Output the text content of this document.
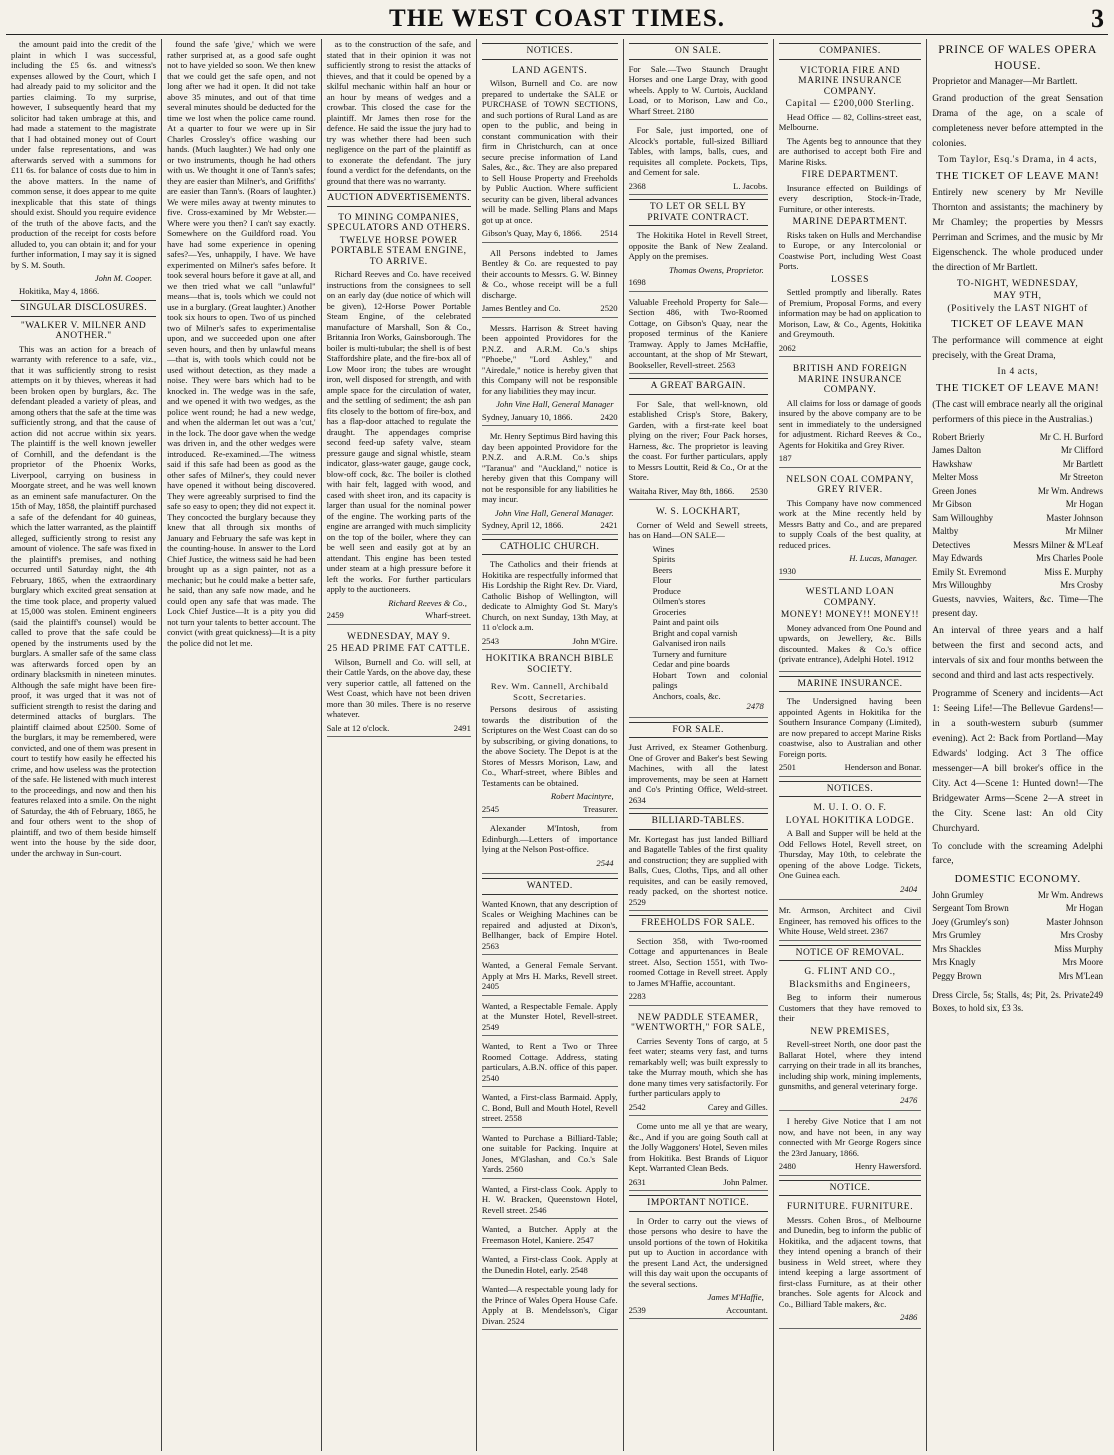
THE WEST COAST TIMES.	3

the amount paid into the credit of the plaint in which I was successful, including the £5 6s. and witness's expenses allowed by the Court, which I had already paid to my solicitor and the parties claiming. To my surprise, however, I subsequently heard that my solicitor had taken umbrage at this, and had made a statement to the magistrate that I had obtained money out of Court under false representations, and was afterwards served with a summons for £11 6s. for balance of costs due to him in the above matters. In the name of common sense, it does appear to me quite inexplicable that this state of things should exist. Should you require evidence of the truth of the above facts, and the production of the receipt for costs before alluded to, you can obtain it; and for your further information, I may say it is signed by S. M. South.

John M. Cooper.

Hokitika, May 4, 1866.

SINGULAR DISCLOSURES.
"WALKER V. MILNER AND ANOTHER."

This was an action for a breach of warranty with reference to a safe, viz., that it was sufficiently strong to resist attempts on it by thieves, whereas it had been broken open by burglars, &c. The defendant pleaded a variety of pleas, and among others that the safe at the time was sufficiently strong, and that the cause of action did not accrue within six years. The plaintiff is the well known jeweller of Cornhill, and the defendant is the proprietor of the Phoenix Works, Liverpool, carrying on business in Moorgate street, and he was well known as an eminent safe manufacturer. On the 15th of May, 1858, the plaintiff purchased a safe of the defendant for 40 guineas, which the latter warranted, as the plaintiff alleged, sufficiently strong to resist any amount of violence. The safe was fixed in the plaintiff's premises, and nothing occurred until Saturday night, the 4th February, 1865, when the extraordinary burglary which excited great sensation at the time took place, and property valued at 15,000 was stolen. Eminent engineers (said the plaintiff's counsel) would be called to prove that the safe could be opened by the instruments used by the burglars. A smaller safe of the same class was afterwards forced open by an ordinary blacksmith in nineteen minutes. Although the safe might have been fire-proof, it was urged that it was not of sufficient strength to resist the daring and determined attacks of burglars. The plaintiff claimed about £2500. Some of the burglars, it may be remembered, were convicted, and one of them was present in court to testify how easily he effected his crime, and how useless was the protection of the safe. He listened with much interest to the proceedings, and now and then his features relaxed into a smile. On the night of Saturday, the 4th of February, 1865, he and four others went to the shop of plaintiff, and two of them beside himself went into the house by the side door, under the archway in Sun-court.

found the safe 'give,' which we were rather surprised at, as a good safe ought not to have yielded so soon. We then knew that we could get the safe open, and not long after we had it open. It did not take above 35 minutes, and out of that time several minutes should be deducted for the time we lost when the police came round. At a quarter to four we were up in Sir Charles Crossley's office washing our hands. (Much laughter.) We had only one or two instruments, though he had others with us. We thought it one of Tann's safes; they are easier than Milner's, and Griffiths' are easier than Tann's. (Roars of laughter.) We were miles away at twenty minutes to five. Cross-examined by Mr Webster.—Where were you then? I can't say exactly. Somewhere on the Guildford road. You have had some experience in opening safes?—Yes, unhappily, I have. We have experimented on Milner's safes before. It took several hours before it gave at all, and we then tried what we call "unlawful" means—that is, tools which we could not use in a burglary. (Great laughter.) Another took six hours to open. Two of us pinched two of Milner's safes to experimentalise upon, and we succeeded upon one after seven hours, and then by unlawful means—that is, with tools which could not be used without detection, as they made a noise. They were bars which had to be knocked in. The wedge was in the safe, and we opened it with two wedges, as the police went round; he had a new wedge, and when the alderman let out was a 'cut,' in the lock. The door gave when the wedge was driven in, and the other wedges were introduced. Re-examined.—The witness said if this safe had been as good as the other safes of Milner's, they could never have opened it without being discovered. They were agreeably surprised to find the safe so easy to open; they did not expect it. They concocted the burglary because they knew that all through six months of January and February the safe was kept in the counting-house. In answer to the Lord Chief Justice, the witness said he had been brought up as a sign painter, not as a mechanic; but he could make a better safe, he said, than any safe now made, and he could open any safe that was made. The Lock Chief Justice—It is a pity you did not turn your talents to better account. The convict (with great quickness)—It is a pity the police did not let me.

as to the construction of the safe, and stated that in their opinion it was not sufficiently strong to resist the attacks of thieves, and that it could be opened by a skilful mechanic within half an hour or an hour by means of wedges and a crowbar. This closed the case for the plaintiff. Mr James then rose for the defence. He said the issue the jury had to try was whether there had been such negligence on the part of the plaintiff as to exonerate the defendant. The jury found a verdict for the defendants, on the ground that there was no warranty.

AUCTION ADVERTISEMENTS.
TO MINING COMPANIES, SPECULATORS AND OTHERS.
TWELVE HORSE POWER PORTABLE STEAM ENGINE, TO ARRIVE.

Richard Reeves and Co. have received instructions from the consignees to sell on an early day (due notice of which will be given), 12-Horse Power Portable Steam Engine, of the celebrated manufacture of Marshall, Son & Co., Britannia Iron Works, Gainsborough. The boiler is multi-tubular; the shell is of best Staffordshire plate, and the fire-box all of Low Moor iron; the tubes are wrought iron, well disposed for strength, and with ample space for the circulation of water, and the settling of sediment; the ash pan fits closely to the bottom of fire-box, and has a flap-door attached to regulate the draught. The appendages comprise second feed-up safety valve, steam pressure gauge and signal whistle, steam indicator, glass-water gauge, gauge cock, blow-off cock, &c. The boiler is clothed with hair felt, lagged with wood, and cased with sheet iron, and its capacity is larger than usual for the nominal power of the engine. The working parts of the engine are arranged with much simplicity on the top of the boiler, where they can be well seen and easily got at by an attendant. This engine has been tested under steam at a high pressure before it left the works. For further particulars apply to the auctioneers.

Richard Reeves & Co.,
2459	Wharf-street.
WEDNESDAY, MAY 9.
25 HEAD PRIME FAT CATTLE.

Wilson, Burnell and Co. will sell, at their Cattle Yards, on the above day, these very superior cattle, all fattened on the West Coast, which have not been driven more than 30 miles. There is no reserve whatever.

Sale at 12 o'clock.	2491
NOTICES.
LAND AGENTS.

Wilson, Burnell and Co. are now prepared to undertake the SALE or PURCHASE of TOWN SECTIONS, and such portions of Rural Land as are open to the public, and being in constant communication with their firm in Christchurch, can at once secure precise information of Land Sales, &c., &c. They are also prepared to Sell House Property and Freeholds by Public Auction. Where sufficient security can be given, liberal advances will be made. Selling Plans and Maps got up at once.

Gibson's Quay, May 6, 1866. 2514

All Persons indebted to James Bentley & Co. are requested to pay their accounts to Messrs. G. W. Binney & Co., whose receipt will be a full discharge.

James Bentley and Co.	2520

Messrs. Harrison & Street having been appointed Providores for the P.N.Z. and A.R.M. Co.'s ships "Phoebe," "Lord Ashley," and "Airedale," notice is hereby given that this Company will not be responsible for any liabilities they may incur.

John Vine Hall, General Manager
Sydney, January 10, 1866.	2420

Mr. Henry Septimus Bird having this day been appointed Providore for the P.N.Z. and A.R.M. Co.'s ships "Taranua" and "Auckland," notice is hereby given that this Company will not be responsible for any liabilities he may incur.

John Vine Hall, General Manager.
Sydney, April 12, 1866.	2421
CATHOLIC CHURCH.

The Catholics and their friends at Hokitika are respectfully informed that His Lordship the Right Rev. Dr. Viard, Catholic Bishop of Wellington, will dedicate to Almighty God St. Mary's Church, on next Sunday, 13th May, at 11 o'clock a.m.

2543	John M'Gire.
HOKITIKA BRANCH BIBLE SOCIETY.
Rev. Wm. Cannell, Archibald Scott, Secretaries.

Persons desirous of assisting towards the distribution of the Scriptures on the West Coast can do so by subscribing, or giving donations, to the above Society. The Depot is at the Stores of Messrs Morison, Law, and Co., Wharf-street, where Bibles and Testaments can be obtained.

Robert Macintyre,
2545	Treasurer.

Alexander M'Intosh, from Edinburgh.—Letters of importance lying at the Nelson Post-office.

2544
WANTED.
Wanted Known, that any description of Scales or Weighing Machines can be repaired and adjusted at Dixon's, Bellhanger, back of Empire Hotel. 2563
Wanted, a General Female Servant. Apply at Mrs H. Marks, Revell street. 2405
Wanted, a Respectable Female. Apply at the Munster Hotel, Revell-street. 2549
Wanted, to Rent a Two or Three Roomed Cottage. Address, stating particulars, A.B.N. office of this paper. 2540
Wanted, a First-class Barmaid. Apply, C. Bond, Bull and Mouth Hotel, Revell street. 2558
Wanted to Purchase a Billiard-Table; one suitable for Packing. Inquire at Jones, M'Glashan, and Co.'s Sale Yards. 2560
Wanted, a First-class Cook. Apply to H. W. Bracken, Queenstown Hotel, Revell street. 2546
Wanted, a Butcher. Apply at the Freemason Hotel, Kaniere. 2547
Wanted, a First-class Cook. Apply at the Dunedin Hotel, early. 2548
Wanted—A respectable young lady for the Prince of Wales Opera House Cafe. Apply at B. Mendelsson's, Cigar Divan. 2524
ON SALE.
For Sale.—Two Staunch Draught Horses and one Large Dray, with good wheels. Apply to W. Curtois, Auckland Load, or to Morison, Law and Co., Wharf Street. 2180

For Sale, just imported, one of Alcock's portable, full-sized Billiard Tables, with lamps, balls, cues, and requisites all complete. Pockets, Tips, and Cement for sale.

2368	L. Jacobs.
TO LET OR SELL BY PRIVATE CONTRACT.

The Hokitika Hotel in Revell Street, opposite the Bank of New Zealand. Apply on the premises.

Thomas Owens, Proprietor.
1698
Valuable Freehold Property for Sale—Section 486, with Two-Roomed Cottage, on Gibson's Quay, near the proposed terminus of the Kaniere Tramway. Apply to James McHaffie, accountant, at the shop of Mr Stewart, Bookseller, Revell-street. 2563
A GREAT BARGAIN.

For Sale, that well-known, old established Crisp's Store, Bakery, Garden, with a first-rate keel boat plying on the river; Four Pack horses, Harness, &c. The proprietor is leaving the coast. For further particulars, apply to Messrs Louttit, Reid & Co., Or at the Store.

Waitaha River, May 8th, 1866. 2530
W. S. LOCKHART,

Corner of Weld and Sewell streets, has on Hand—ON SALE—

Wines
Spirits
Beers
Flour
Produce
Oilmen's stores
Groceries
Paint and paint oils
Bright and copal varnish
Galvanised iron nails
Turnery and furniture
Cedar and pine boards
Hobart Town and colonial palings
Anchors, coals, &c.
2478
FOR SALE.
Just Arrived, ex Steamer Gothenburg. One of Grover and Baker's best Sewing Machines, with all the latest improvements, may be seen at Harnett and Co's Printing Office, Weld-street. 2634
BILLIARD-TABLES.
Mr. Kortegast has just landed Billiard and Bagatelle Tables of the first quality and construction; they are supplied with Balls, Cues, Cloths, Tips, and all other requisites, and can be easily removed, ready packed, on the shortest notice. 2529
FREEHOLDS FOR SALE.

Section 358, with Two-roomed Cottage and appurtenances in Beale street. Also, Section 1551, with Two-roomed Cottage in Revell street. Apply to James M'Haffie, accountant.

2283
NEW PADDLE STEAMER, "WENTWORTH," FOR SALE,

Carries Seventy Tons of cargo, at 5 feet water; steams very fast, and turns remarkably well; was built expressly to take the Murray mouth, which she has done many times very satisfactorily. For further particulars apply to

2542	Carey and Gilles.

Come unto me all ye that are weary, &c., And if you are going South call at the Jolly Waggoners' Hotel, Seven miles from Hokitika. Best Brands of Liquor Kept. Warranted Clean Beds.

2631	John Palmer.
IMPORTANT NOTICE.

In Order to carry out the views of those persons who desire to have the unsold portions of the town of Hokitika put up to Auction in accordance with the present Land Act, the undersigned will this day wait upon the occupants of the several sections.

James M'Haffie,
2539	Accountant.
COMPANIES.
VICTORIA FIRE AND MARINE INSURANCE COMPANY.
Capital — £200,000 Sterling.

Head Office — 82, Collins-street east, Melbourne.

The Agents beg to announce that they are authorised to accept both Fire and Marine Risks.

FIRE DEPARTMENT.

Insurance effected on Buildings of every description, Stock-in-Trade, Furniture, or other interests.

MARINE DEPARTMENT.

Risks taken on Hulls and Merchandise to Europe, or any Intercolonial or Coastwise Port, including West Coast Ports.

LOSSES

Settled promptly and liberally. Rates of Premium, Proposal Forms, and every information may be had on application to Morison, Law, & Co., Agents, Hokitika and Greymouth.

2062
BRITISH AND FOREIGN MARINE INSURANCE COMPANY.

All claims for loss or damage of goods insured by the above company are to be sent in immediately to the undersigned for adjustment. Richard Reeves & Co., Agents for Hokitika and Grey River.

187
NELSON COAL COMPANY, GREY RIVER.

This Company have now commenced work at the Mine recently held by Messrs Batty and Co., and are prepared to supply Coals of the best quality, at reduced prices.

H. Lucas, Manager.
1930
WESTLAND LOAN COMPANY.
MONEY! MONEY!! MONEY!!

Money advanced from One Pound and upwards, on Jewellery, &c. Bills discounted. Makes & Co.'s office (private entrance), Adelphi Hotel. 1912

MARINE INSURANCE.

The Undersigned having been appointed Agents in Hokitika for the Southern Insurance Company (Limited), are now prepared to accept Marine Risks coastwise, also to Australian and other Foreign ports.

2501	Henderson and Bonar.
NOTICES.
M. U. I. O. O. F.
LOYAL HOKITIKA LODGE.

A Ball and Supper will be held at the Odd Fellows Hotel, Revell street, on Thursday, May 10th, to celebrate the opening of the above Lodge. Tickets, One Guinea each.

2404
Mr. Armson, Architect and Civil Engineer, has removed his offices to the White House, Weld street. 2367
NOTICE OF REMOVAL.
G. FLINT AND CO.,
Blacksmiths and Engineers,

Beg to inform their numerous Customers that they have removed to their

NEW PREMISES,

Revell-street North, one door past the Ballarat Hotel, where they intend carrying on their trade in all its branches, including ship work, mining implements, gunsmiths, and general veterinary forge.

2476

I hereby Give Notice that I am not now, and have not been, in any way connected with Mr George Rogers since the 23rd January, 1866.

2480	Henry Hawersford.
NOTICE.
FURNITURE. FURNITURE.

Messrs. Cohen Bros., of Melbourne and Dunedin, beg to inform the public of Hokitika, and the adjacent towns, that they intend opening a branch of their business in Weld street, where they intend keeping a large assortment of first-class Furniture, as at their other branches. Sole agents for Alcock and Co., Billiard Table makers, &c.

2486
PRINCE OF WALES OPERA HOUSE.

Proprietor and Manager—Mr Bartlett.

Grand production of the great Sensation Drama of the age, on a scale of completeness never before attempted in the colonies.

Tom Taylor, Esq.'s Drama, in 4 acts,
THE TICKET OF LEAVE MAN!

Entirely new scenery by Mr Neville Thornton and assistants; the machinery by Mr Chamley; the properties by Messrs Perriman and Scrimes, and the music by Mr Eigenschenck. The whole produced under the direction of Mr Bartlett.

TO-NIGHT, WEDNESDAY,
MAY 9TH,
(Positively the LAST NIGHT of
TICKET OF LEAVE MAN

The performance will commence at eight precisely, with the Great Drama,

In 4 acts,
THE TICKET OF LEAVE MAN!

(The cast will embrace nearly all the original performers of this piece in the Australias.)

Robert Brierly	Mr C. H. Burford
James Dalton	Mr Clifford
Hawkshaw	Mr Bartlett
Melter Moss	Mr Streeton
Green Jones	Mr Wm. Andrews
Mr Gibson	Mr Hogan
Sam Willoughby	Master Johnson
Maltby	Mr Milner
Detectives	Messrs Milner & M'Leaf
May Edwards	Mrs Charles Poole
Emily St. Evremond	Miss E. Murphy
Mrs Willoughby	Mrs Crosby

Guests, navvies, Waiters, &c. Time—The present day.

An interval of three years and a half between the first and second acts, and intervals of six and four months between the second and third and last acts respectively.

Programme of Scenery and incidents—Act 1: Seeing Life!—The Bellevue Gardens!—in a south-western suburb (summer evening). Act 2: Back from Portland—May Edwards' lodging. Act 3 The office messenger—A bill broker's office in the City. Act 4—Scene 1: Hunted down!—The Bridgewater Arms—Scene 2—A street in the City. Scene last: An old City Churchyard.

To conclude with the screaming Adelphi farce,

DOMESTIC ECONOMY.
John Grumley	Mr Wm. Andrews
Sergeant Tom Brown	Mr Hogan
Joey (Grumley's son)	Master Johnson
Mrs Grumley	Mrs Crosby
Mrs Shackles	Miss Murphy
Mrs Knagly	Mrs Moore
Peggy Brown	Mrs M'Lean
Dress Circle, 5s; Stalls, 4s; Pit, 2s. Private Boxes, to hold six, £3 3s.
249
